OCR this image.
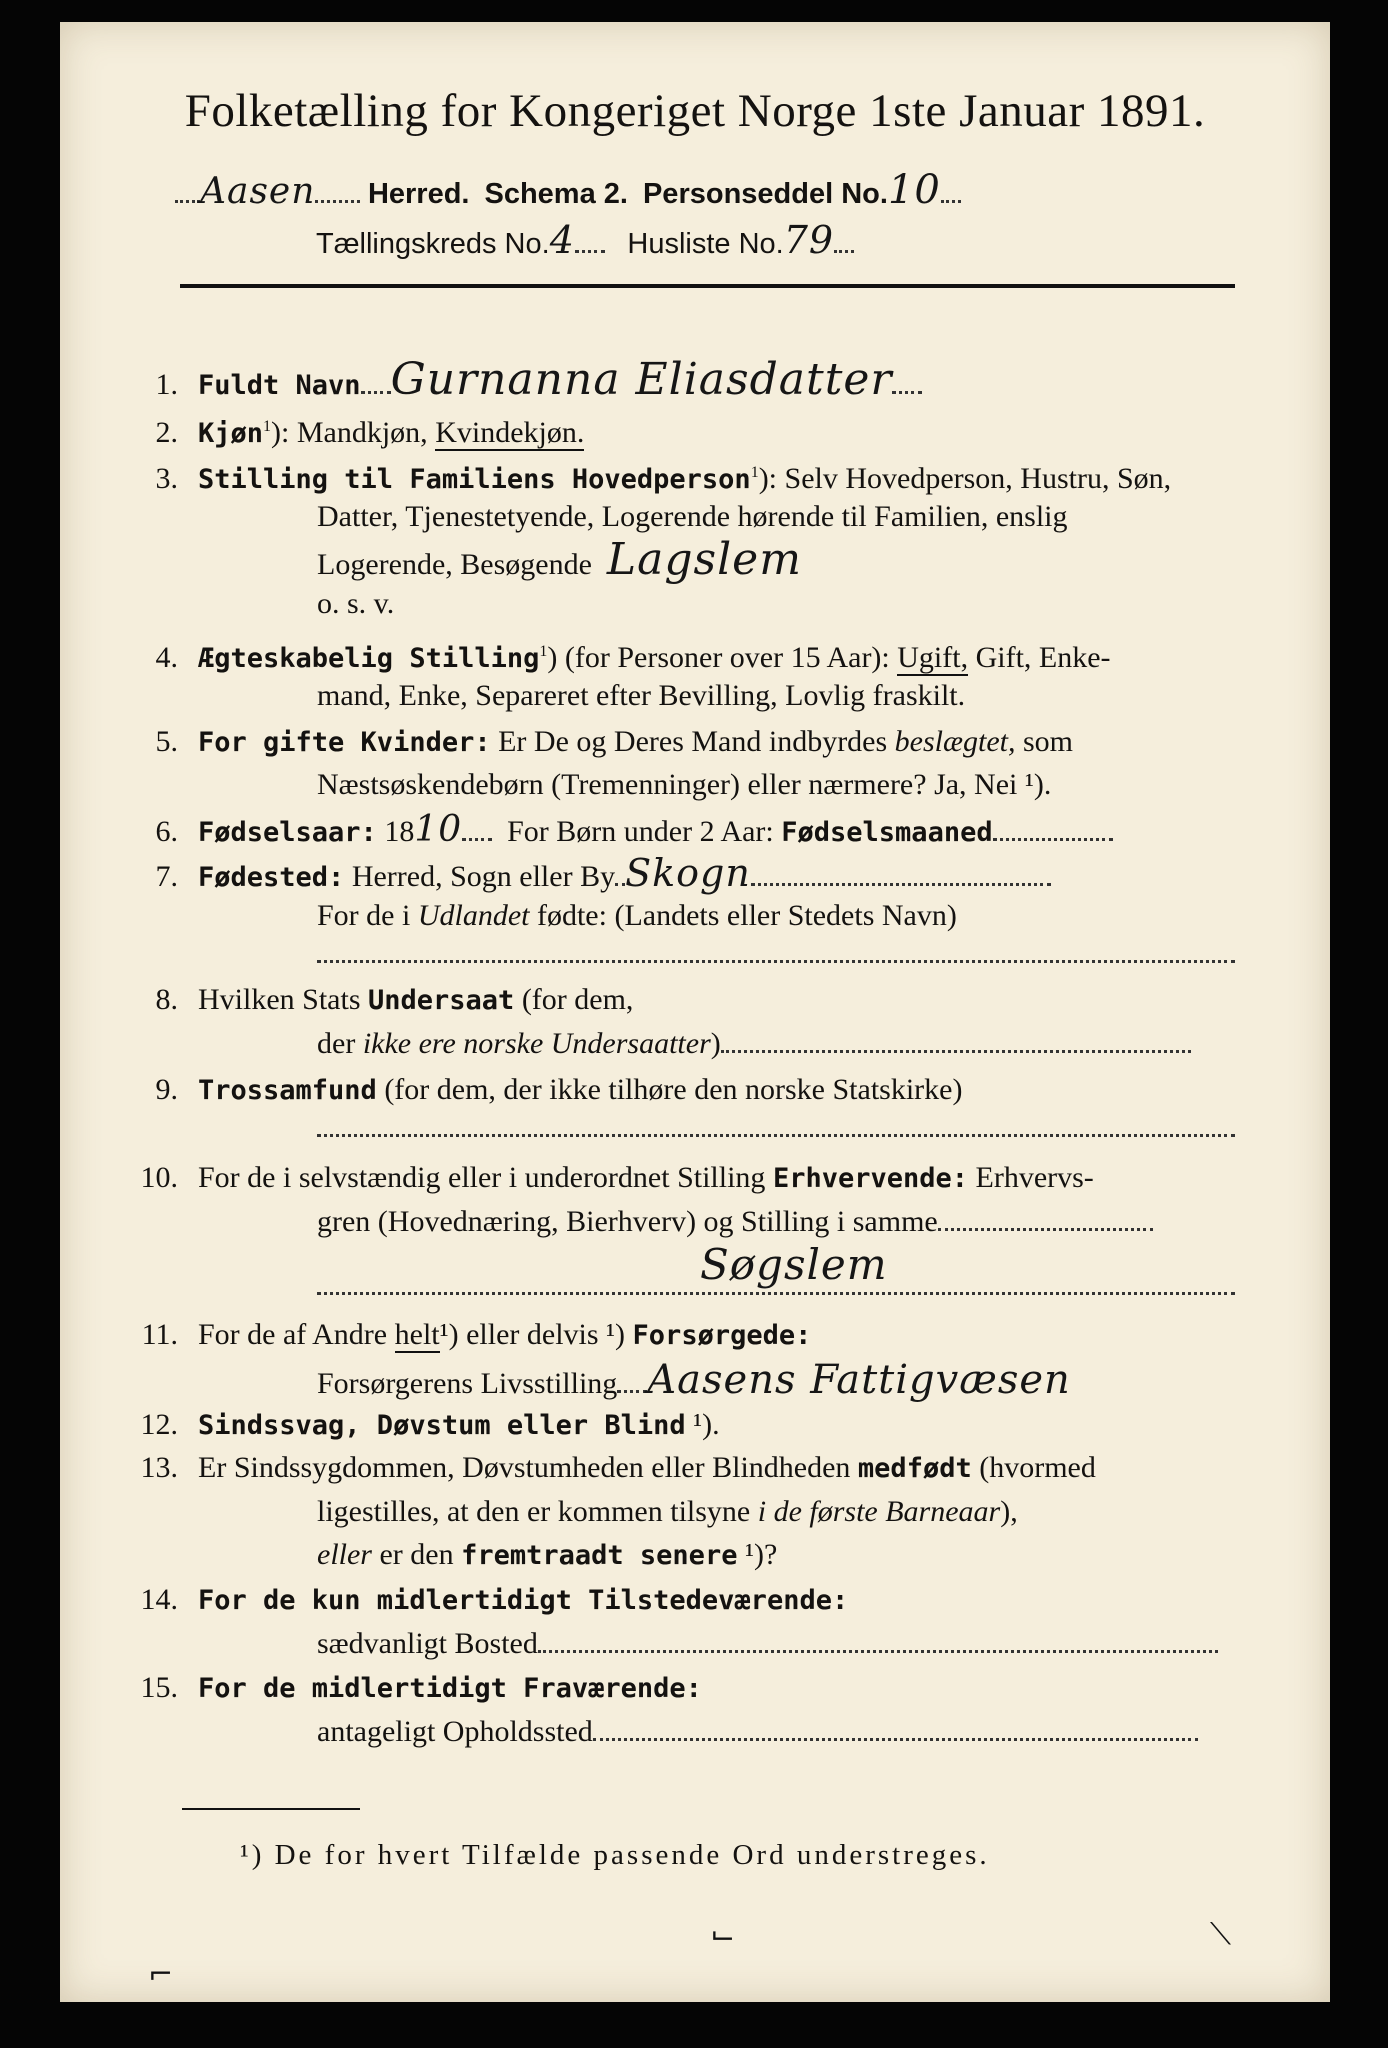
Folketælling for Kongeriget Norge 1ste Januar 1891.
Aasen Herred. Schema 2. Personseddel No.10
Tællingskreds No.4 Husliste No.79
1. Fuldt Navn Gurnanna Eliasdatter
2. Kjøn$^1$): Mandkjøn, Kvindekjøn.
3. Stilling til Familiens Hovedperson$^1$): Selv Hovedperson, Hustru, Søn,
Datter, Tjenestetyende, Logerende hørende til Familien, enslig
Logerende, Besøgende Lagslem
o. s. v.
4. Ægteskabelig Stilling$^1$) (for Personer over 15 Aar): Ugift, Gift, Enke-
mand, Enke, Separeret efter Bevilling, Lovlig fraskilt.
5. For gifte Kvinder: Er De og Deres Mand indbyrdes beslægtet, som
Næstsøskendebørn (Tremenninger) eller nærmere? Ja, Nei ¹).
6. Fødselsaar: 1810 For Børn under 2 Aar: Fødselsmaaned
7. Fødested: Herred, Sogn eller By Skogn
For de i Udlandet fødte: (Landets eller Stedets Navn)
8. Hvilken Stats Undersaat (for dem,
der ikke ere norske Undersaatter)
9. Trossamfund (for dem, der ikke tilhøre den norske Statskirke)
10. For de i selvstændig eller i underordnet Stilling Erhvervende: Erhvervs-
gren (Hovednæring, Bierhverv) og Stilling i samme
Søgslem
11. For de af Andre helt¹) eller delvis ¹) Forsørgede:
Forsørgerens Livsstilling Aasens Fattigvæsen
12. Sindssvag, Døvstum eller Blind ¹).
13. Er Sindssygdommen, Døvstumheden eller Blindheden medfødt (hvormed
ligestilles, at den er kommen tilsyne i de første Barneaar),
eller er den fremtraadt senere ¹)?
14. For de kun midlertidigt Tilstedeværende:
sædvanligt Bosted
15. For de midlertidigt Fraværende:
antageligt Opholdssted
¹) De for hvert Tilfælde passende Ord understreges.
⌐
⌙	⟍
